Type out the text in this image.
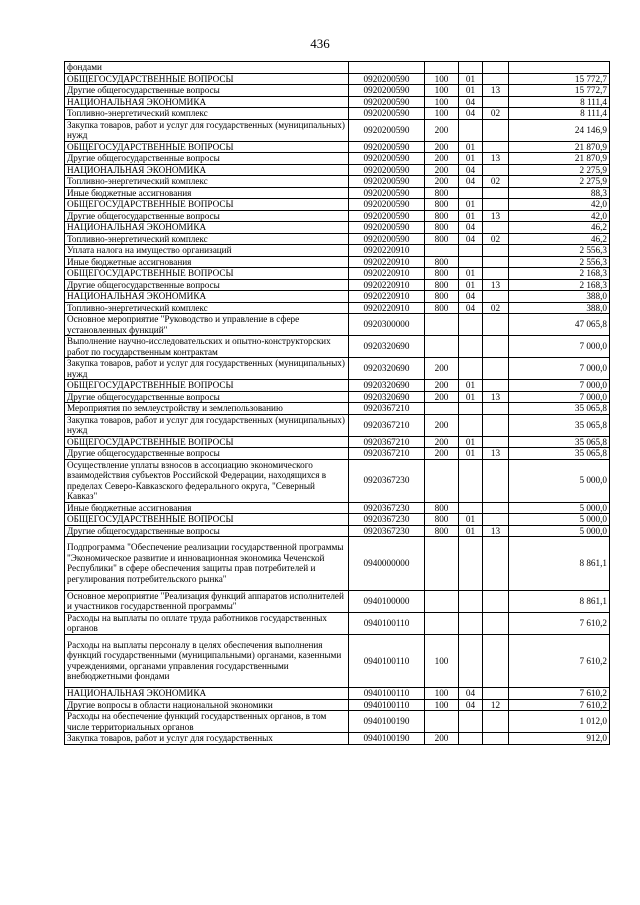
436
фондами					
ОБЩЕГОСУДАРСТВЕННЫЕ ВОПРОСЫ	0920200590	100	01		15 772,7
Другие общегосударственные вопросы	0920200590	100	01	13	15 772,7
НАЦИОНАЛЬНАЯ ЭКОНОМИКА	0920200590	100	04		8 111,4
Топливно-энергетический комплекс	0920200590	100	04	02	8 111,4
Закупка товаров, работ и услуг для государственных (муниципальных) нужд	0920200590	200			24 146,9
ОБЩЕГОСУДАРСТВЕННЫЕ ВОПРОСЫ	0920200590	200	01		21 870,9
Другие общегосударственные вопросы	0920200590	200	01	13	21 870,9
НАЦИОНАЛЬНАЯ ЭКОНОМИКА	0920200590	200	04		2 275,9
Топливно-энергетический комплекс	0920200590	200	04	02	2 275,9
Иные бюджетные ассигнования	0920200590	800			88,3
ОБЩЕГОСУДАРСТВЕННЫЕ ВОПРОСЫ	0920200590	800	01		42,0
Другие общегосударственные вопросы	0920200590	800	01	13	42,0
НАЦИОНАЛЬНАЯ ЭКОНОМИКА	0920200590	800	04		46,2
Топливно-энергетический комплекс	0920200590	800	04	02	46,2
Уплата налога на имущество организаций	0920220910				2 556,3
Иные бюджетные ассигнования	0920220910	800			2 556,3
ОБЩЕГОСУДАРСТВЕННЫЕ ВОПРОСЫ	0920220910	800	01		2 168,3
Другие общегосударственные вопросы	0920220910	800	01	13	2 168,3
НАЦИОНАЛЬНАЯ ЭКОНОМИКА	0920220910	800	04		388,0
Топливно-энергетический комплекс	0920220910	800	04	02	388,0
Основное мероприятие "Руководство и управление в сфере установленных функций"	0920300000				47 065,8
Выполнение научно-исследовательских и опытно-конструкторских работ по государственным контрактам	0920320690				7 000,0
Закупка товаров, работ и услуг для государственных (муниципальных) нужд	0920320690	200			7 000,0
ОБЩЕГОСУДАРСТВЕННЫЕ ВОПРОСЫ	0920320690	200	01		7 000,0
Другие общегосударственные вопросы	0920320690	200	01	13	7 000,0
Мероприятия по землеустройству и землепользованию	0920367210				35 065,8
Закупка товаров, работ и услуг для государственных (муниципальных) нужд	0920367210	200			35 065,8
ОБЩЕГОСУДАРСТВЕННЫЕ ВОПРОСЫ	0920367210	200	01		35 065,8
Другие общегосударственные вопросы	0920367210	200	01	13	35 065,8
Осуществление уплаты взносов в ассоциацию экономического взаимодействия субъектов Российской Федерации, находящихся в пределах Северо-Кавказского федерального округа, "Северный Кавказ"	0920367230				5 000,0
Иные бюджетные ассигнования	0920367230	800			5 000,0
ОБЩЕГОСУДАРСТВЕННЫЕ ВОПРОСЫ	0920367230	800	01		5 000,0
Другие общегосударственные вопросы	0920367230	800	01	13	5 000,0
Подпрограмма "Обеспечение реализации государственной программы "Экономическое развитие и инновационная экономика Чеченской Республики" в сфере обеспечения защиты прав потребителей и регулирования потребительского рынка"	0940000000				8 861,1
Основное мероприятие "Реализация функций аппаратов исполнителей и участников государственной программы"	0940100000				8 861,1
Расходы на выплаты по оплате труда работников государственных органов	0940100110				7 610,2
Расходы на выплаты персоналу в целях обеспечения выполнения функций государственными (муниципальными) органами, казенными учреждениями, органами управления государственными внебюджетными фондами	0940100110	100			7 610,2
НАЦИОНАЛЬНАЯ ЭКОНОМИКА	0940100110	100	04		7 610,2
Другие вопросы в области национальной экономики	0940100110	100	04	12	7 610,2
Расходы на обеспечение функций государственных органов, в том числе территориальных органов	0940100190				1 012,0
Закупка товаров, работ и услуг для государственных	0940100190	200			912,0
